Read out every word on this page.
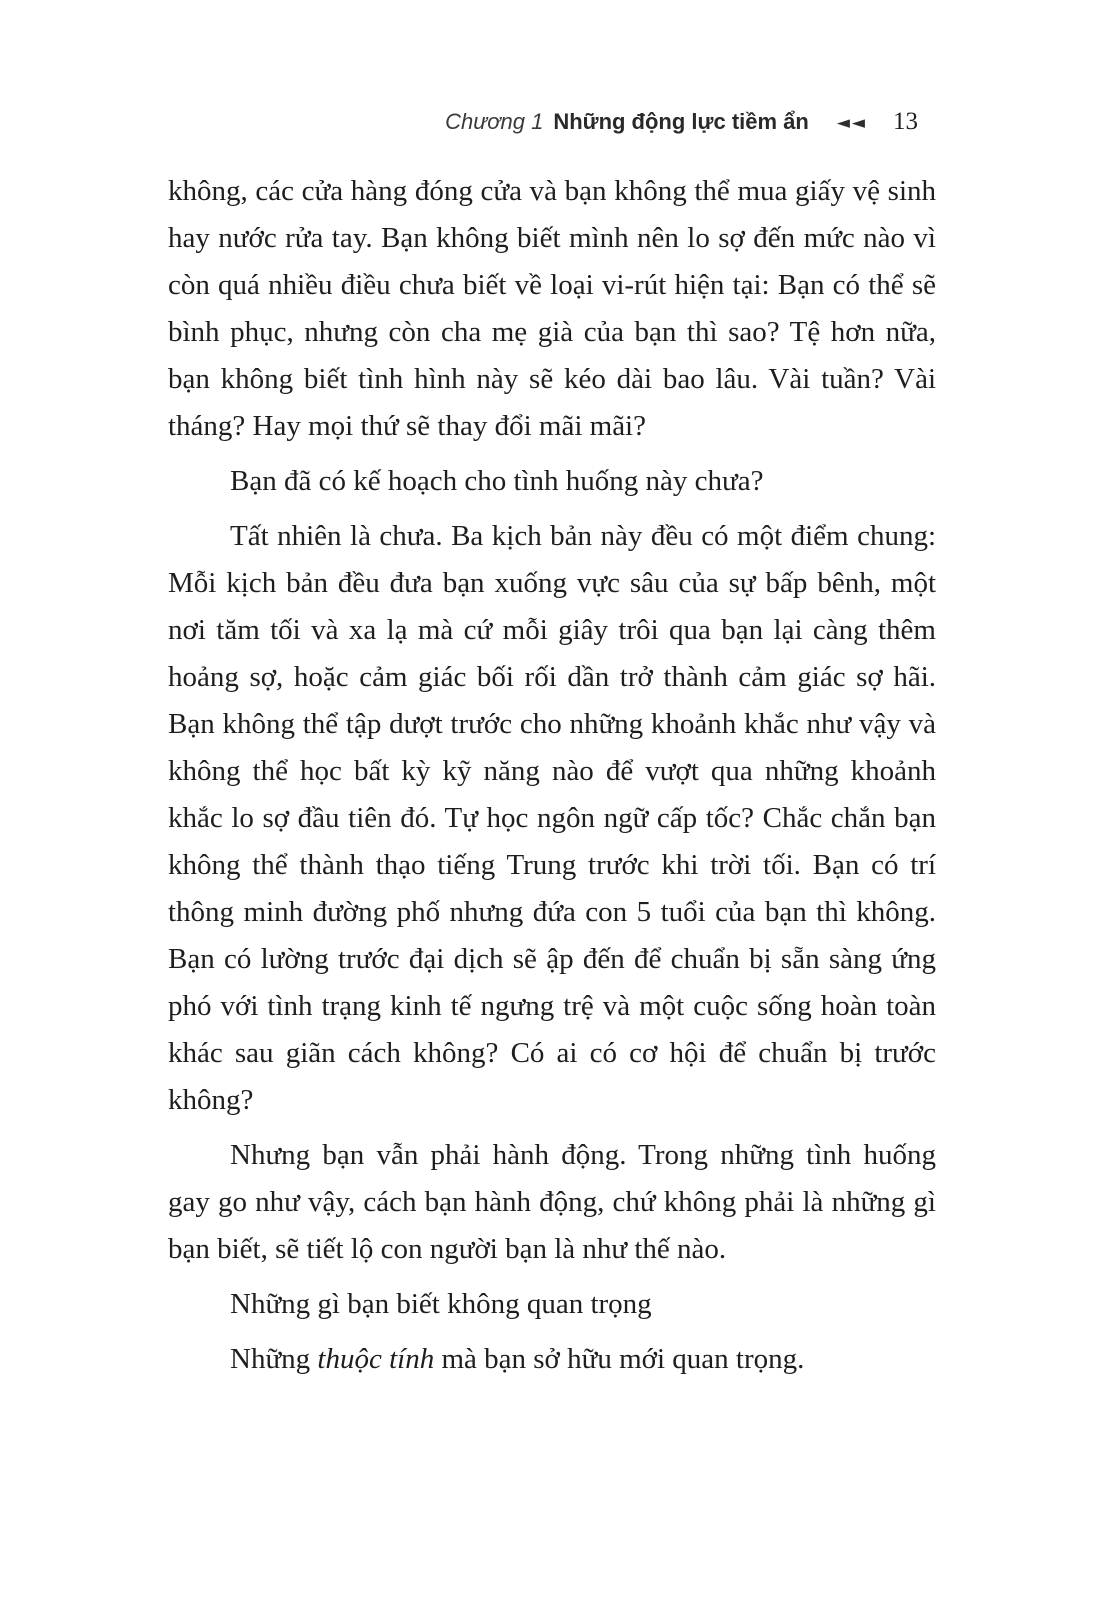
Chương 1 Những động lực tiềm ẩn ◄◄ 13

không, các cửa hàng đóng cửa và bạn không thể mua giấy vệ sinh hay nước rửa tay. Bạn không biết mình nên lo sợ đến mức nào vì còn quá nhiều điều chưa biết về loại vi-rút hiện tại: Bạn có thể sẽ bình phục, nhưng còn cha mẹ già của bạn thì sao? Tệ hơn nữa, bạn không biết tình hình này sẽ kéo dài bao lâu. Vài tuần? Vài tháng? Hay mọi thứ sẽ thay đổi mãi mãi?

Bạn đã có kế hoạch cho tình huống này chưa?

Tất nhiên là chưa. Ba kịch bản này đều có một điểm chung: Mỗi kịch bản đều đưa bạn xuống vực sâu của sự bấp bênh, một nơi tăm tối và xa lạ mà cứ mỗi giây trôi qua bạn lại càng thêm hoảng sợ, hoặc cảm giác bối rối dần trở thành cảm giác sợ hãi. Bạn không thể tập dượt trước cho những khoảnh khắc như vậy và không thể học bất kỳ kỹ năng nào để vượt qua những khoảnh khắc lo sợ đầu tiên đó. Tự học ngôn ngữ cấp tốc? Chắc chắn bạn không thể thành thạo tiếng Trung trước khi trời tối. Bạn có trí thông minh đường phố nhưng đứa con 5 tuổi của bạn thì không. Bạn có lường trước đại dịch sẽ ập đến để chuẩn bị sẵn sàng ứng phó với tình trạng kinh tế ngưng trệ và một cuộc sống hoàn toàn khác sau giãn cách không? Có ai có cơ hội để chuẩn bị trước không?

Nhưng bạn vẫn phải hành động. Trong những tình huống gay go như vậy, cách bạn hành động, chứ không phải là những gì bạn biết, sẽ tiết lộ con người bạn là như thế nào.

Những gì bạn biết không quan trọng

Những thuộc tính mà bạn sở hữu mới quan trọng.
